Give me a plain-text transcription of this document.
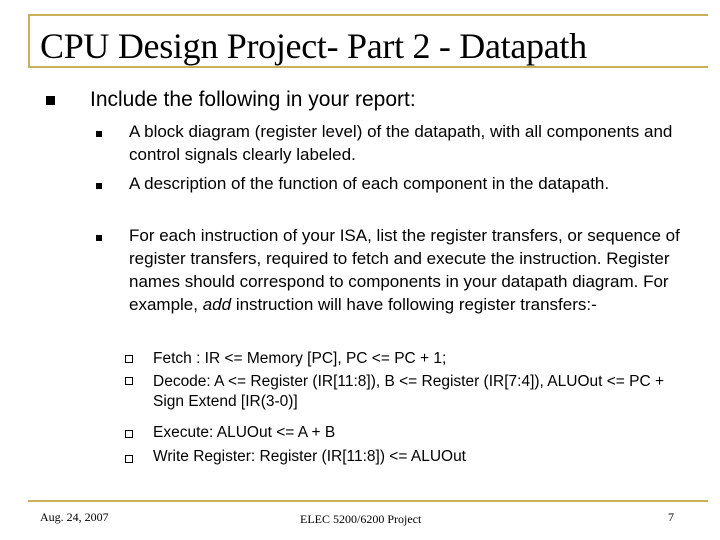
CPU Design Project- Part 2 - Datapath
Include the following in your report:
A block diagram (register level) of the datapath, with all components and control signals clearly labeled.
A description of the function of each component in the datapath.
For each instruction of your ISA, list the register transfers, or sequence of register transfers, required to fetch and execute the instruction. Register names should correspond to components in your datapath diagram. For example, add instruction will have following register transfers:-
Fetch : IR <= Memory [PC], PC <= PC + 1;
Decode: A <= Register (IR[11:8]), B <= Register (IR[7:4]), ALUOut <= PC + Sign Extend [IR(3-0)]
Execute: ALUOut <= A + B
Write Register: Register (IR[11:8]) <= ALUOut
Aug. 24, 2007	ELEC 5200/6200 Project	7
